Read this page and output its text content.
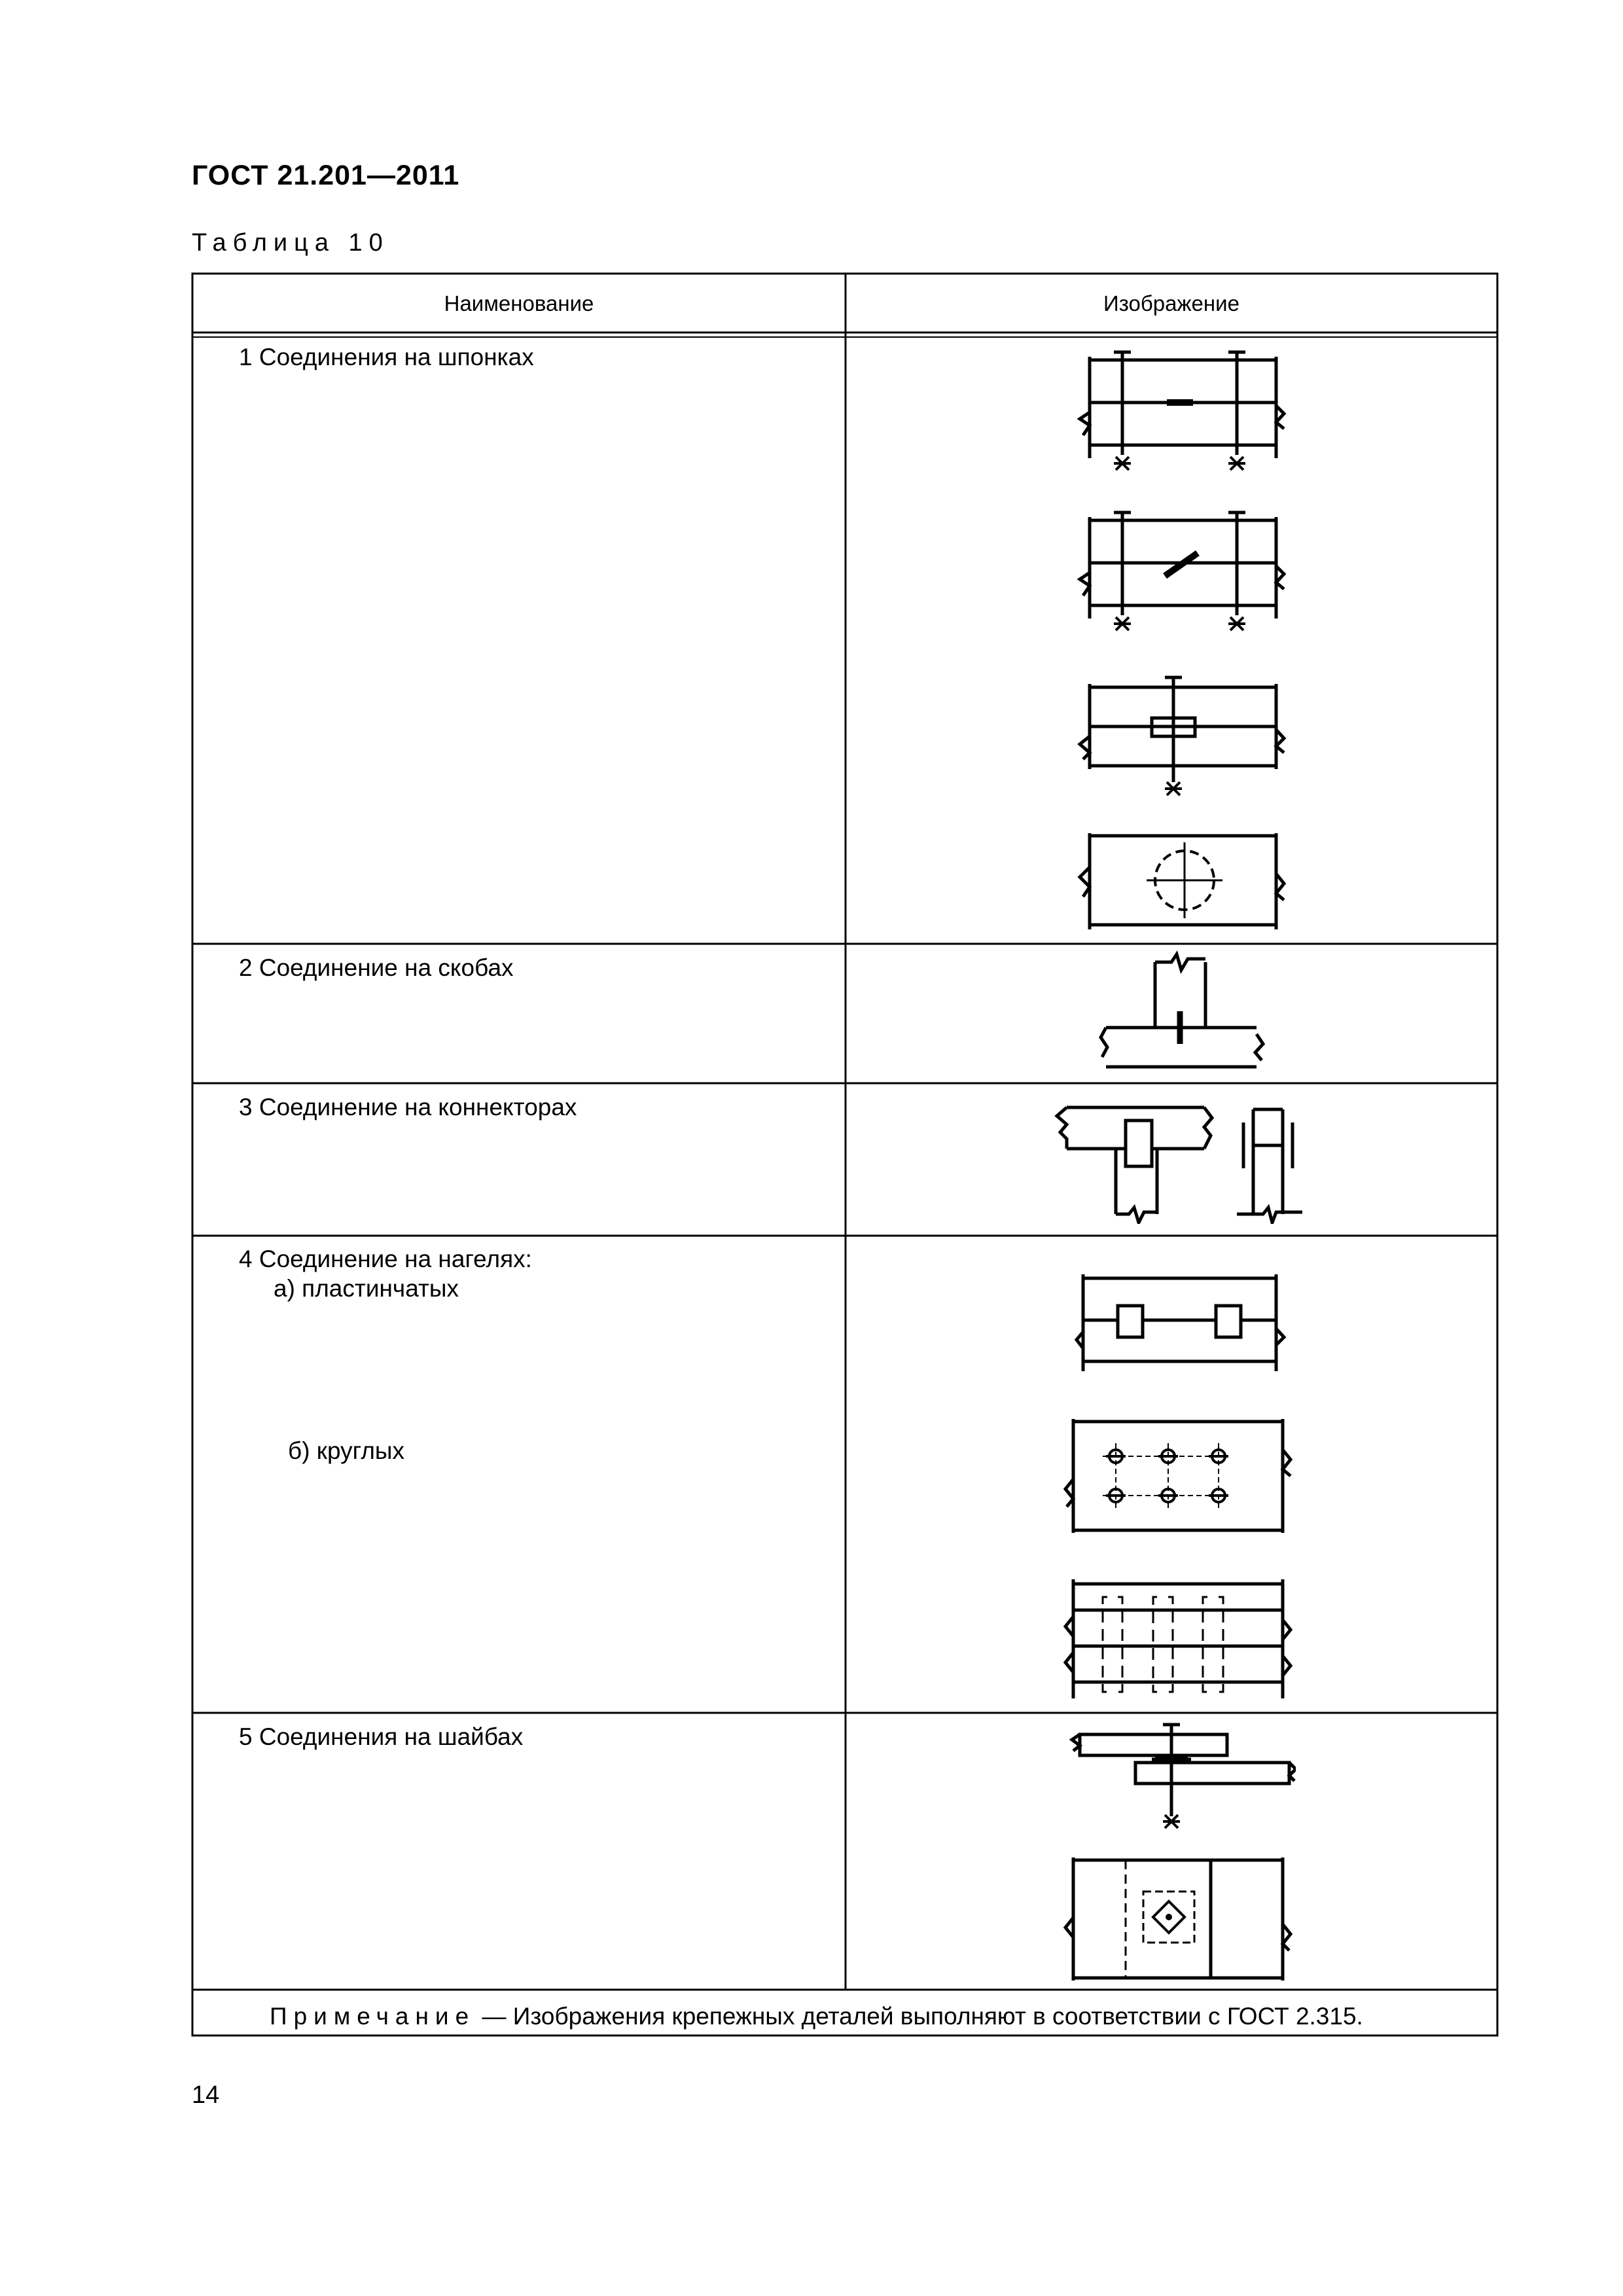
ГОСТ 21.201—2011
Таблица 10
Наименование	Изображение
1 Соединения на шпонках
2 Соединение на скобах
3 Соединение на коннекторах
4 Соединение на нагелях:
а) пластинчатых
б) круглых
5 Соединения на шайбах
Примечание — Изображения крепежных деталей выполняют в соответствии с ГОСТ 2.315.
14
